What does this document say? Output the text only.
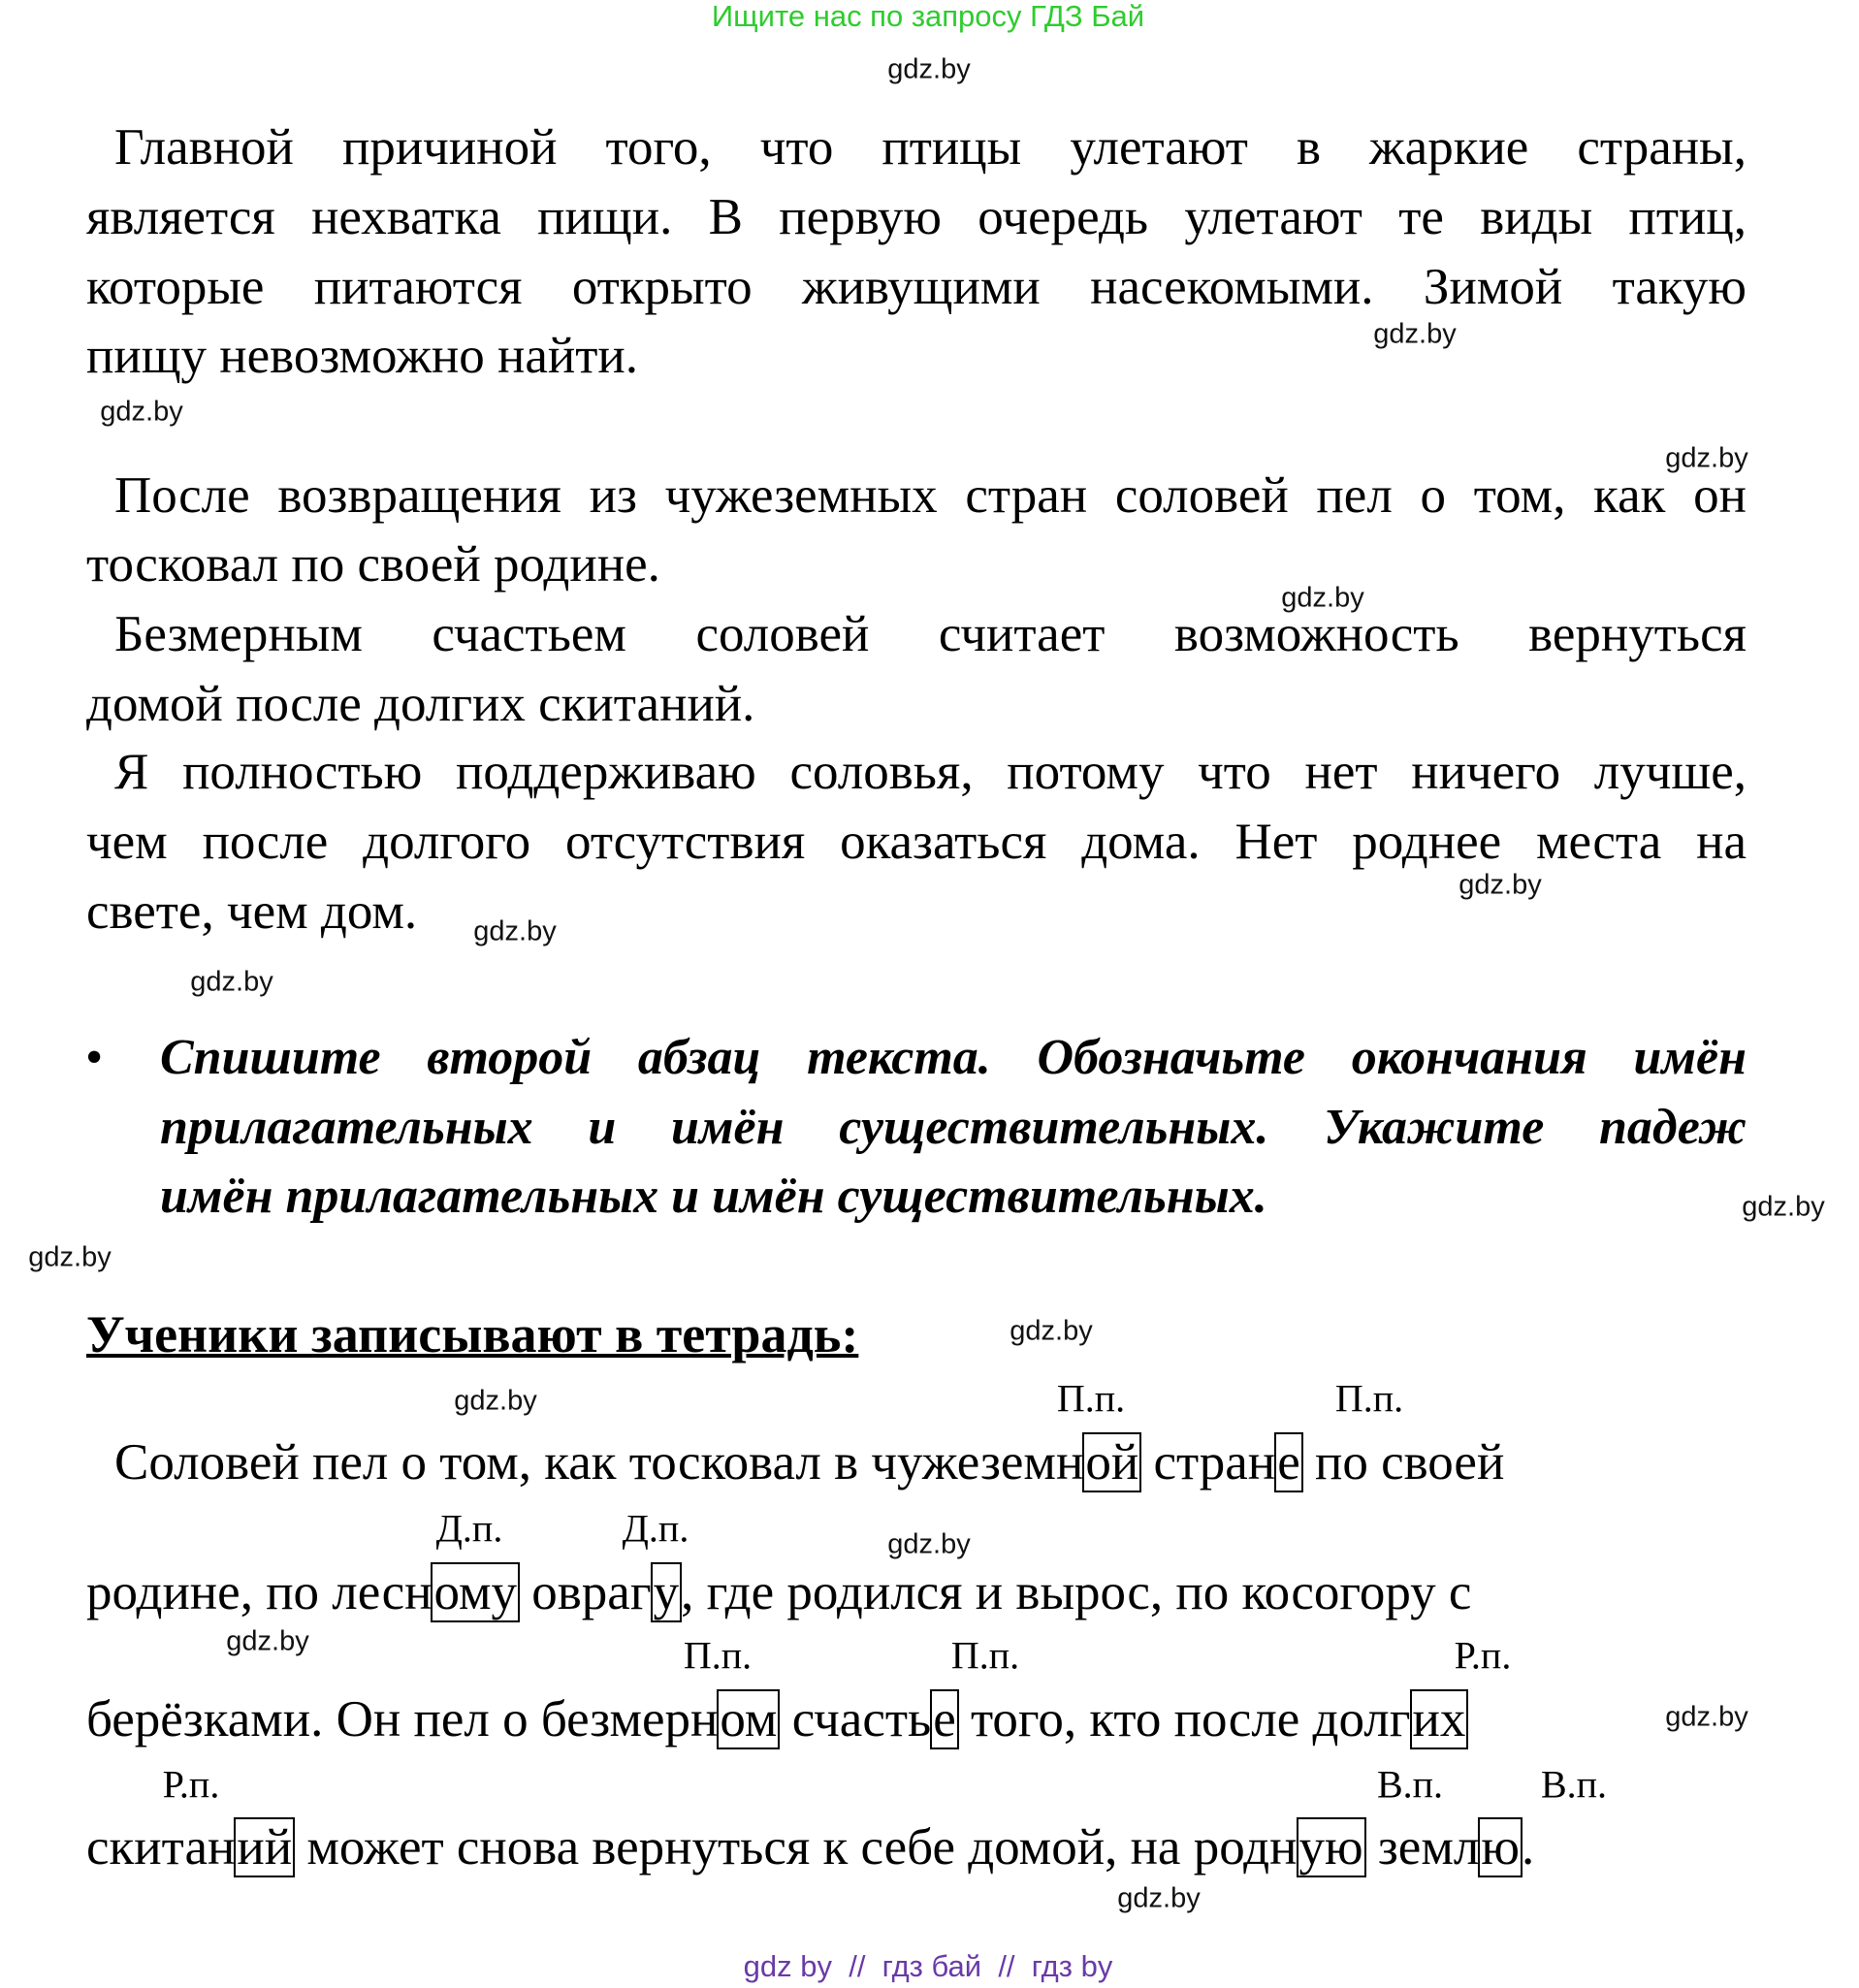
Ищите нас по запросу ГДЗ Бай
Главной причиной того, что птицы улетают в жаркие страны,
является нехватка пищи. В первую очередь улетают те виды птиц,
которые питаются открыто живущими насекомыми. Зимой такую
пищу невозможно найти.
После возвращения из чужеземных стран соловей пел о том, как он
тосковал по своей родине.
Безмерным счастьем соловей считает возможность вернуться
домой после долгих скитаний.
Я полностью поддерживаю соловья, потому что нет ничего лучше,
чем после долгого отсутствия оказаться дома. Нет роднее места на
свете, чем дом.
• Спишите второй абзац текста. Обозначьте окончания имён
прилагательных и имён существительных. Укажите падеж
имён прилагательных и имён существительных.
Ученики записывают в тетрадь:
Соловей пел о том, как тосковал в чужеземной стране по своей
родине, по лесному оврагу, где родился и вырос, по косогору с
берёзками. Он пел о безмерном счастье того, кто после долгих
скитаний может снова вернуться к себе домой, на родную землю.
П.п.	П.п.
Д.п.	Д.п.
П.п.	П.п.	Р.п.
Р.п.	В.п.	В.п.
gdz.by
gdz.by
gdz.by
gdz.by
gdz.by
gdz.by
gdz.by
gdz.by
gdz.by
gdz.by
gdz.by
gdz.by
gdz.by
gdz.by
gdz.by
gdz.by
gdz by  //  гдз бай  //  гдз by
